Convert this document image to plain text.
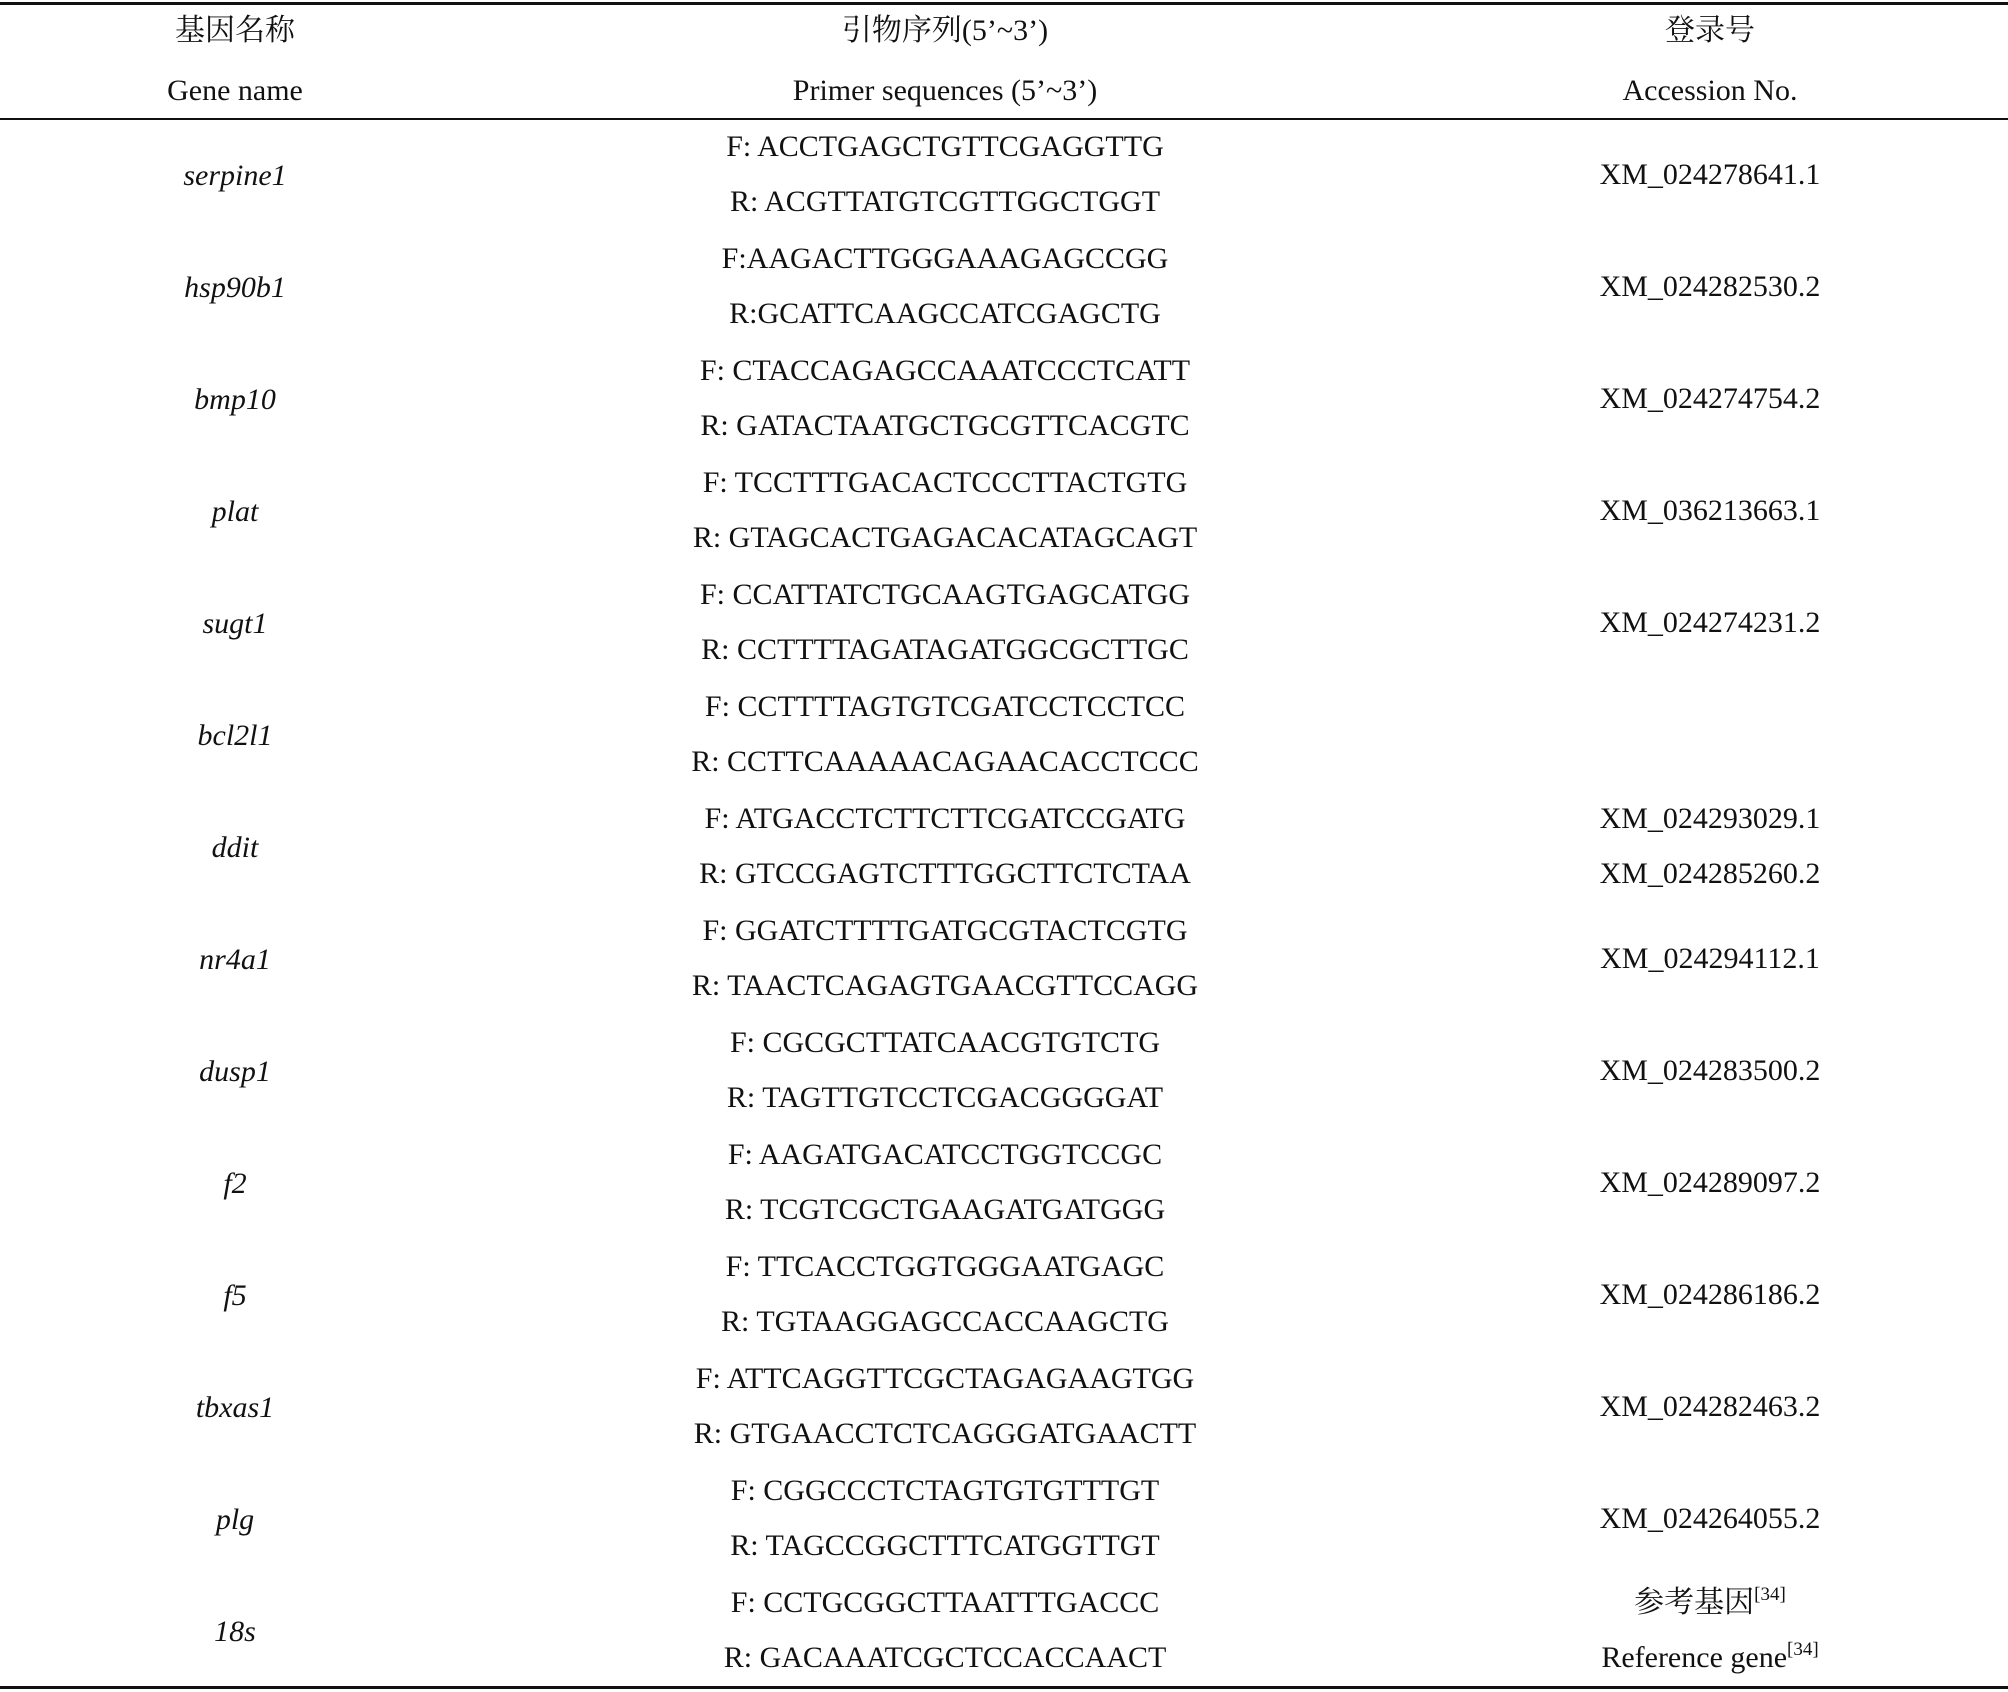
基因名称
Gene name
引物序列(5’~3’)
Primer sequences (5’~3’)
登录号
Accession No.
serpine1
F: ACCTGAGCTGTTCGAGGTTG
R: ACGTTATGTCGTTGGCTGGT
XM_024278641.1
hsp90b1
F:AAGACTTGGGAAAGAGCCGG
R:GCATTCAAGCCATCGAGCTG
XM_024282530.2
bmp10
F: CTACCAGAGCCAAATCCCTCATT
R: GATACTAATGCTGCGTTCACGTC
XM_024274754.2
plat
F: TCCTTTGACACTCCCTTACTGTG
R: GTAGCACTGAGACACATAGCAGT
XM_036213663.1
sugt1
F: CCATTATCTGCAAGTGAGCATGG
R: CCTTTTAGATAGATGGCGCTTGC
XM_024274231.2
bcl2l1
F: CCTTTTAGTGTCGATCCTCCTCC
R: CCTTCAAAAACAGAACACCTCCC
ddit
F: ATGACCTCTTCTTCGATCCGATG
R: GTCCGAGTCTTTGGCTTCTCTAA
XM_024293029.1
XM_024285260.2
nr4a1
F: GGATCTTTTGATGCGTACTCGTG
R: TAACTCAGAGTGAACGTTCCAGG
XM_024294112.1
dusp1
F: CGCGCTTATCAACGTGTCTG
R: TAGTTGTCCTCGACGGGGAT
XM_024283500.2
f2
F: AAGATGACATCCTGGTCCGC
R: TCGTCGCTGAAGATGATGGG
XM_024289097.2
f5
F: TTCACCTGGTGGGAATGAGC
R: TGTAAGGAGCCACCAAGCTG
XM_024286186.2
tbxas1
F: ATTCAGGTTCGCTAGAGAAGTGG
R: GTGAACCTCTCAGGGATGAACTT
XM_024282463.2
plg
F: CGGCCCTCTAGTGTGTTTGT
R: TAGCCGGCTTTCATGGTTGT
XM_024264055.2
18s
F: CCTGCGGCTTAATTTGACCC
R: GACAAATCGCTCCACCAACT
参考基因[34]
Reference gene[34]
